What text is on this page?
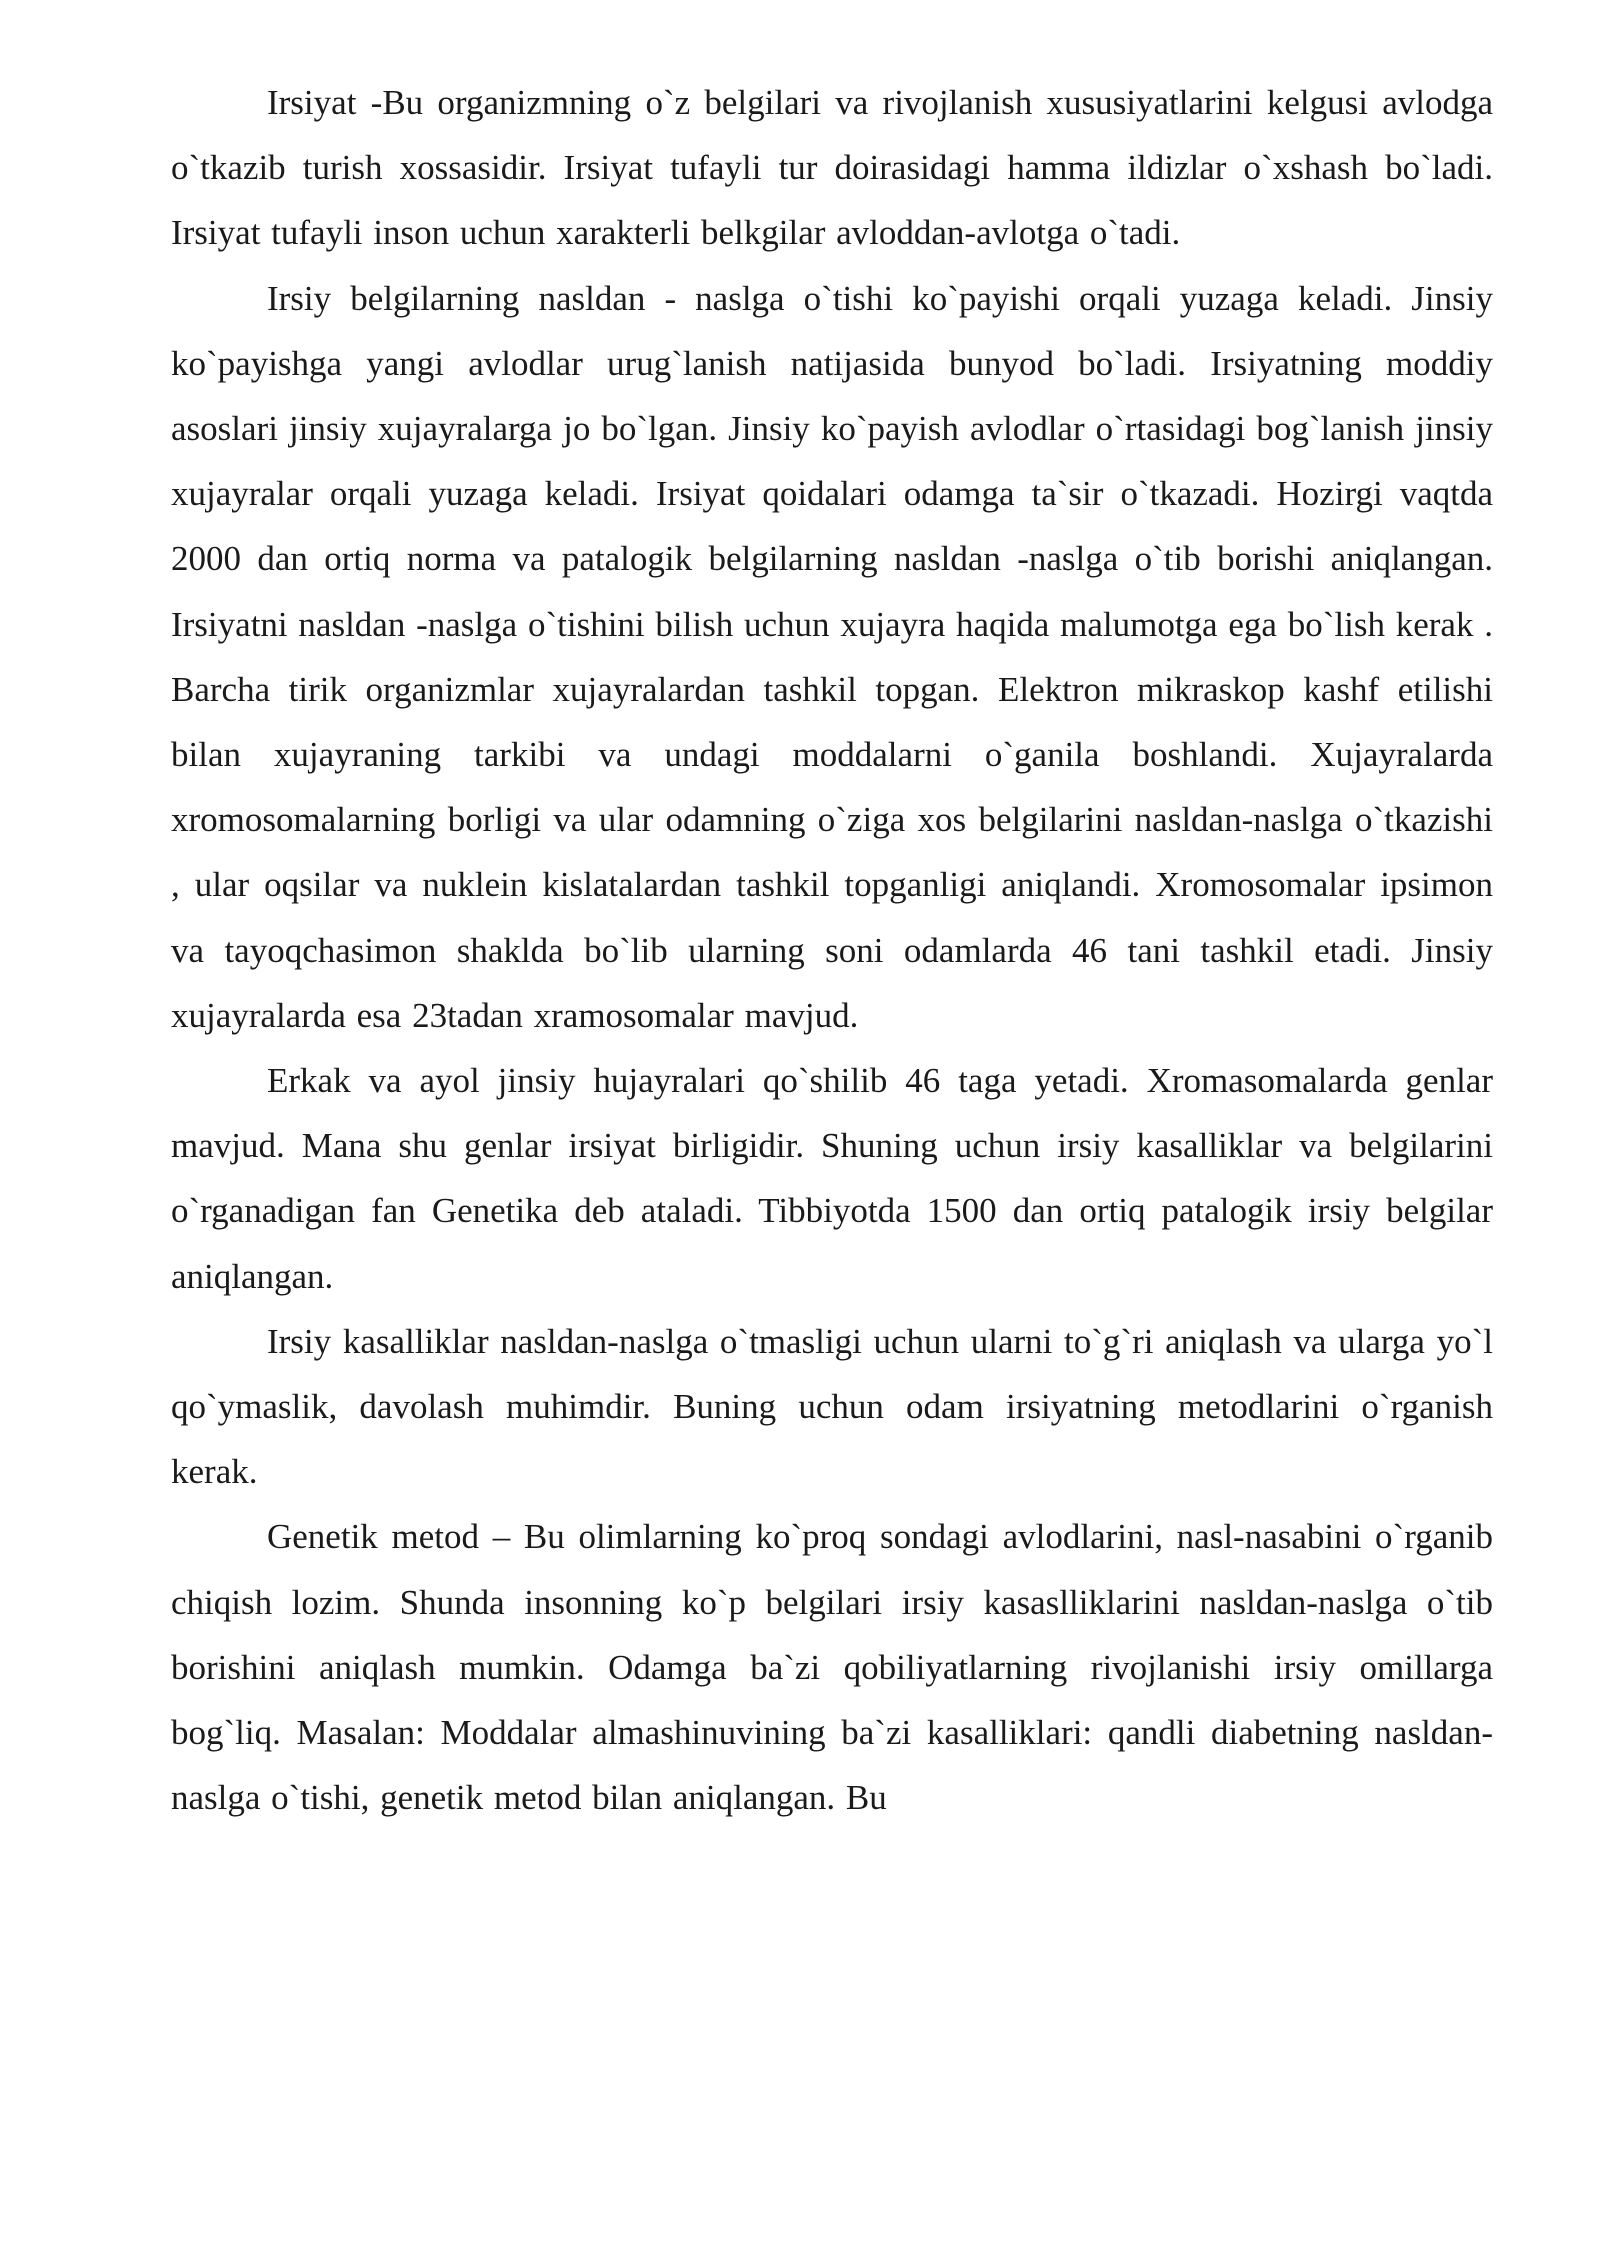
Irsiyat -Bu organizmning o`z belgilari va rivojlanish xususiyatlarini kelgusi avlodga o`tkazib turish xossasidir. Irsiyat tufayli tur doirasidagi hamma ildizlar o`xshash bo`ladi. Irsiyat tufayli inson uchun xarakterli belkgilar avloddan-avlotga o`tadi.

Irsiy belgilarning nasldan - naslga o`tishi ko`payishi orqali yuzaga keladi. Jinsiy ko`payishga yangi avlodlar urug`lanish natijasida bunyod bo`ladi. Irsiyatning moddiy asoslari jinsiy xujayralarga jo bo`lgan. Jinsiy ko`payish avlodlar o`rtasidagi bog`lanish jinsiy xujayralar orqali yuzaga keladi. Irsiyat qoidalari odamga ta`sir o`tkazadi. Hozirgi vaqtda 2000 dan ortiq norma va patalogik belgilarning nasldan -naslga o`tib borishi aniqlangan. Irsiyatni nasldan -naslga o`tishini bilish uchun xujayra haqida malumotga ega bo`lish kerak . Barcha tirik organizmlar xujayralardan tashkil topgan. Elektron mikraskop kashf etilishi bilan xujayraning tarkibi va undagi moddalarni o`ganila boshlandi. Xujayralarda xromosomalarning borligi va ular odamning o`ziga xos belgilarini nasldan-naslga o`tkazishi , ular oqsilar va nuklein kislatalardan tashkil topganligi aniqlandi. Xromosomalar ipsimon va tayoqchasimon shaklda bo`lib ularning soni odamlarda 46 tani tashkil etadi. Jinsiy xujayralarda esa 23tadan xramosomalar mavjud.

Erkak va ayol jinsiy hujayralari qo`shilib 46 taga yetadi. Xromasomalarda genlar mavjud. Mana shu genlar irsiyat birligidir. Shuning uchun irsiy kasalliklar va belgilarini o`rganadigan fan Genetika deb ataladi. Tibbiyotda 1500 dan ortiq patalogik irsiy belgilar aniqlangan.

Irsiy kasalliklar nasldan-naslga o`tmasligi uchun ularni to`g`ri aniqlash va ularga yo`l qo`ymaslik, davolash muhimdir. Buning uchun odam irsiyatning metodlarini o`rganish kerak.

Genetik metod – Bu olimlarning ko`proq sondagi avlodlarini, nasl-nasabini o`rganib chiqish lozim. Shunda insonning ko`p belgilari irsiy kasaslliklarini nasldan-naslga o`tib borishini aniqlash mumkin. Odamga ba`zi qobiliyatlarning rivojlanishi irsiy omillarga bog`liq. Masalan: Moddalar almashinuvining ba`zi kasalliklari: qandli diabetning nasldan-naslga o`tishi, genetik metod bilan aniqlangan. Bu
